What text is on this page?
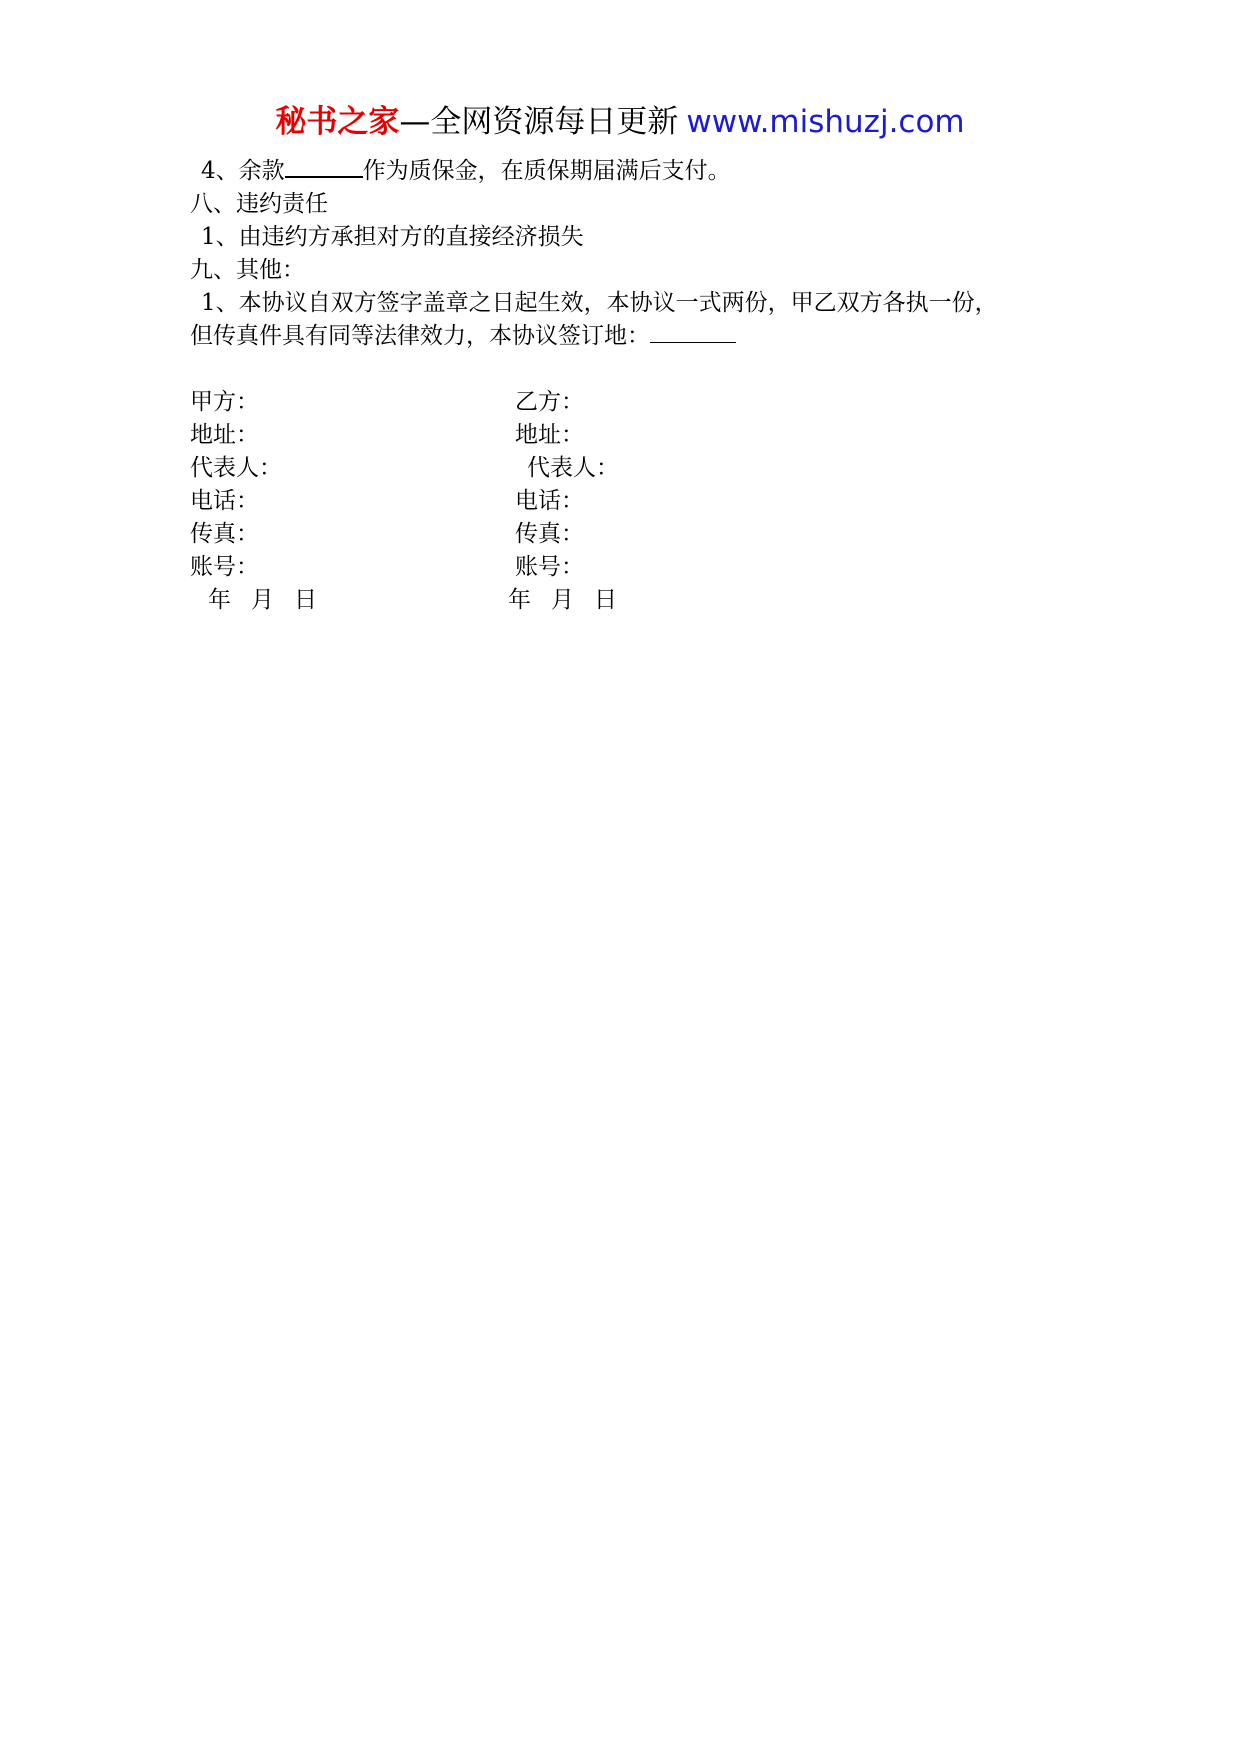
秘书之家—全网资源每日更新 www.mishuzj.com
4、余款	作为质保金，在质保期届满后支付。
八、违约责任
1、由违约方承担对方的直接经济损失
九、其他：
1、本协议自双方签字盖章之日起生效，本协议一式两份，甲乙双方各执一份，
但传真件具有同等法律效力，本协议签订地：
甲方：	乙方：
地址：	地址：
代表人：	代表人：
电话：	电话：
传真：	传真：
账号：	账号：
年 月 日	年 月 日
